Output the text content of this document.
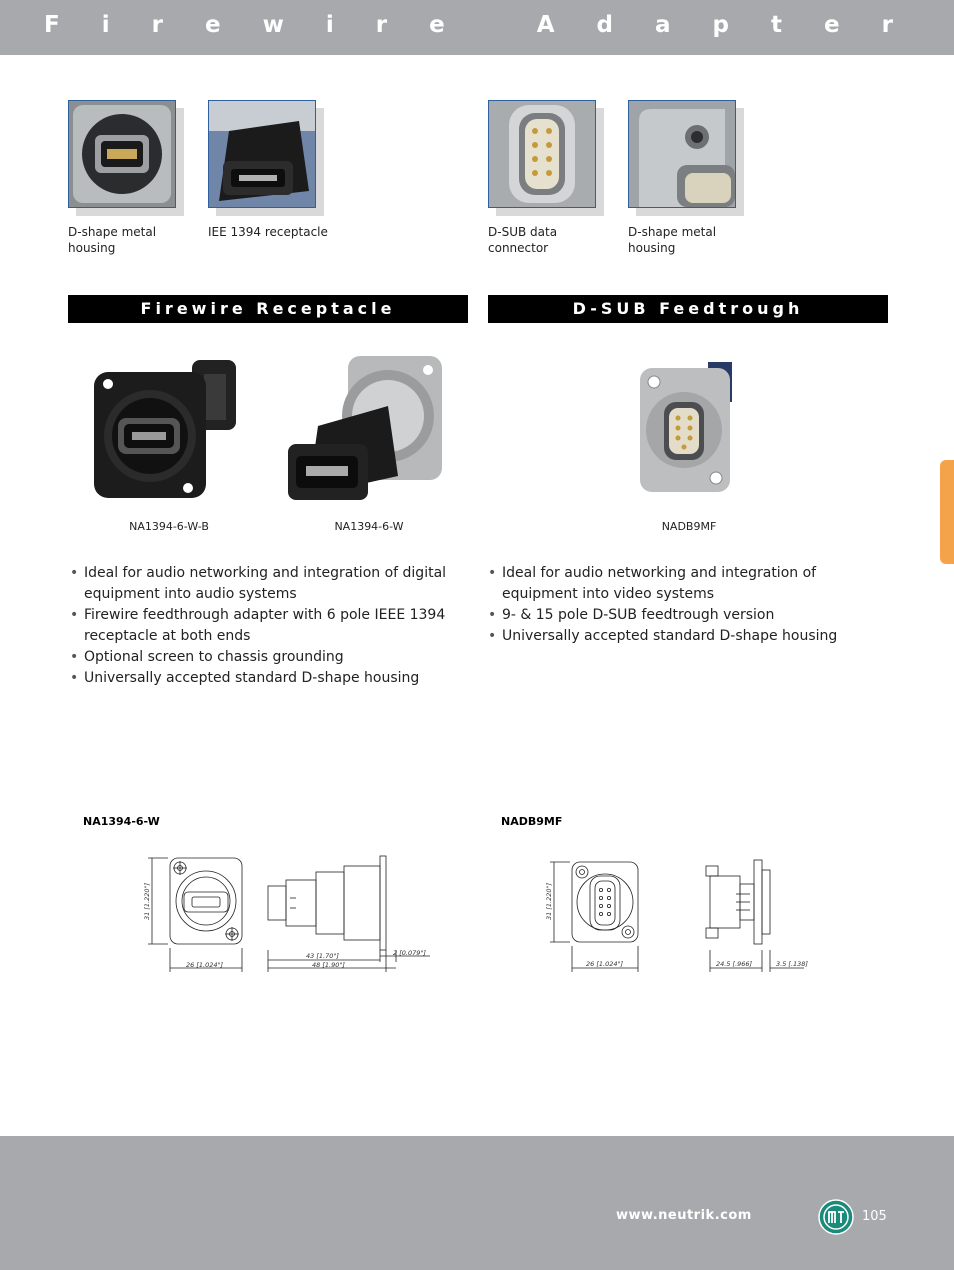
F i r e w i r e   A d a p t e r
D-shape metal
housing
IEE 1394 receptacle	D-SUB data
connector
D-shape metal
housing
Firewire Receptacle	D-SUB Feedtrough
NA1394-6-W-B	NA1394-6-W	NADB9MF
• Ideal for audio networking and integration of digital
equipment into audio systems
• Firewire feedthrough adapter with 6 pole IEEE 1394
receptacle at both ends
• Optional screen to chassis grounding
• Universally accepted standard D-shape housing
• Ideal for audio networking and integration of
equipment into video systems
• 9- & 15 pole D-SUB feedtrough version
• Universally accepted standard D-shape housing
NA1394-6-W	NADB9MF
31 [1.220"]
26 [1.024"]
43 [1.70"]
48 [1.90"]
2 [0.079"]
31 [1.220"]
26 [1.024"]	24.5 [.966]	3.5 [.138]
www.neutrik.com	105
